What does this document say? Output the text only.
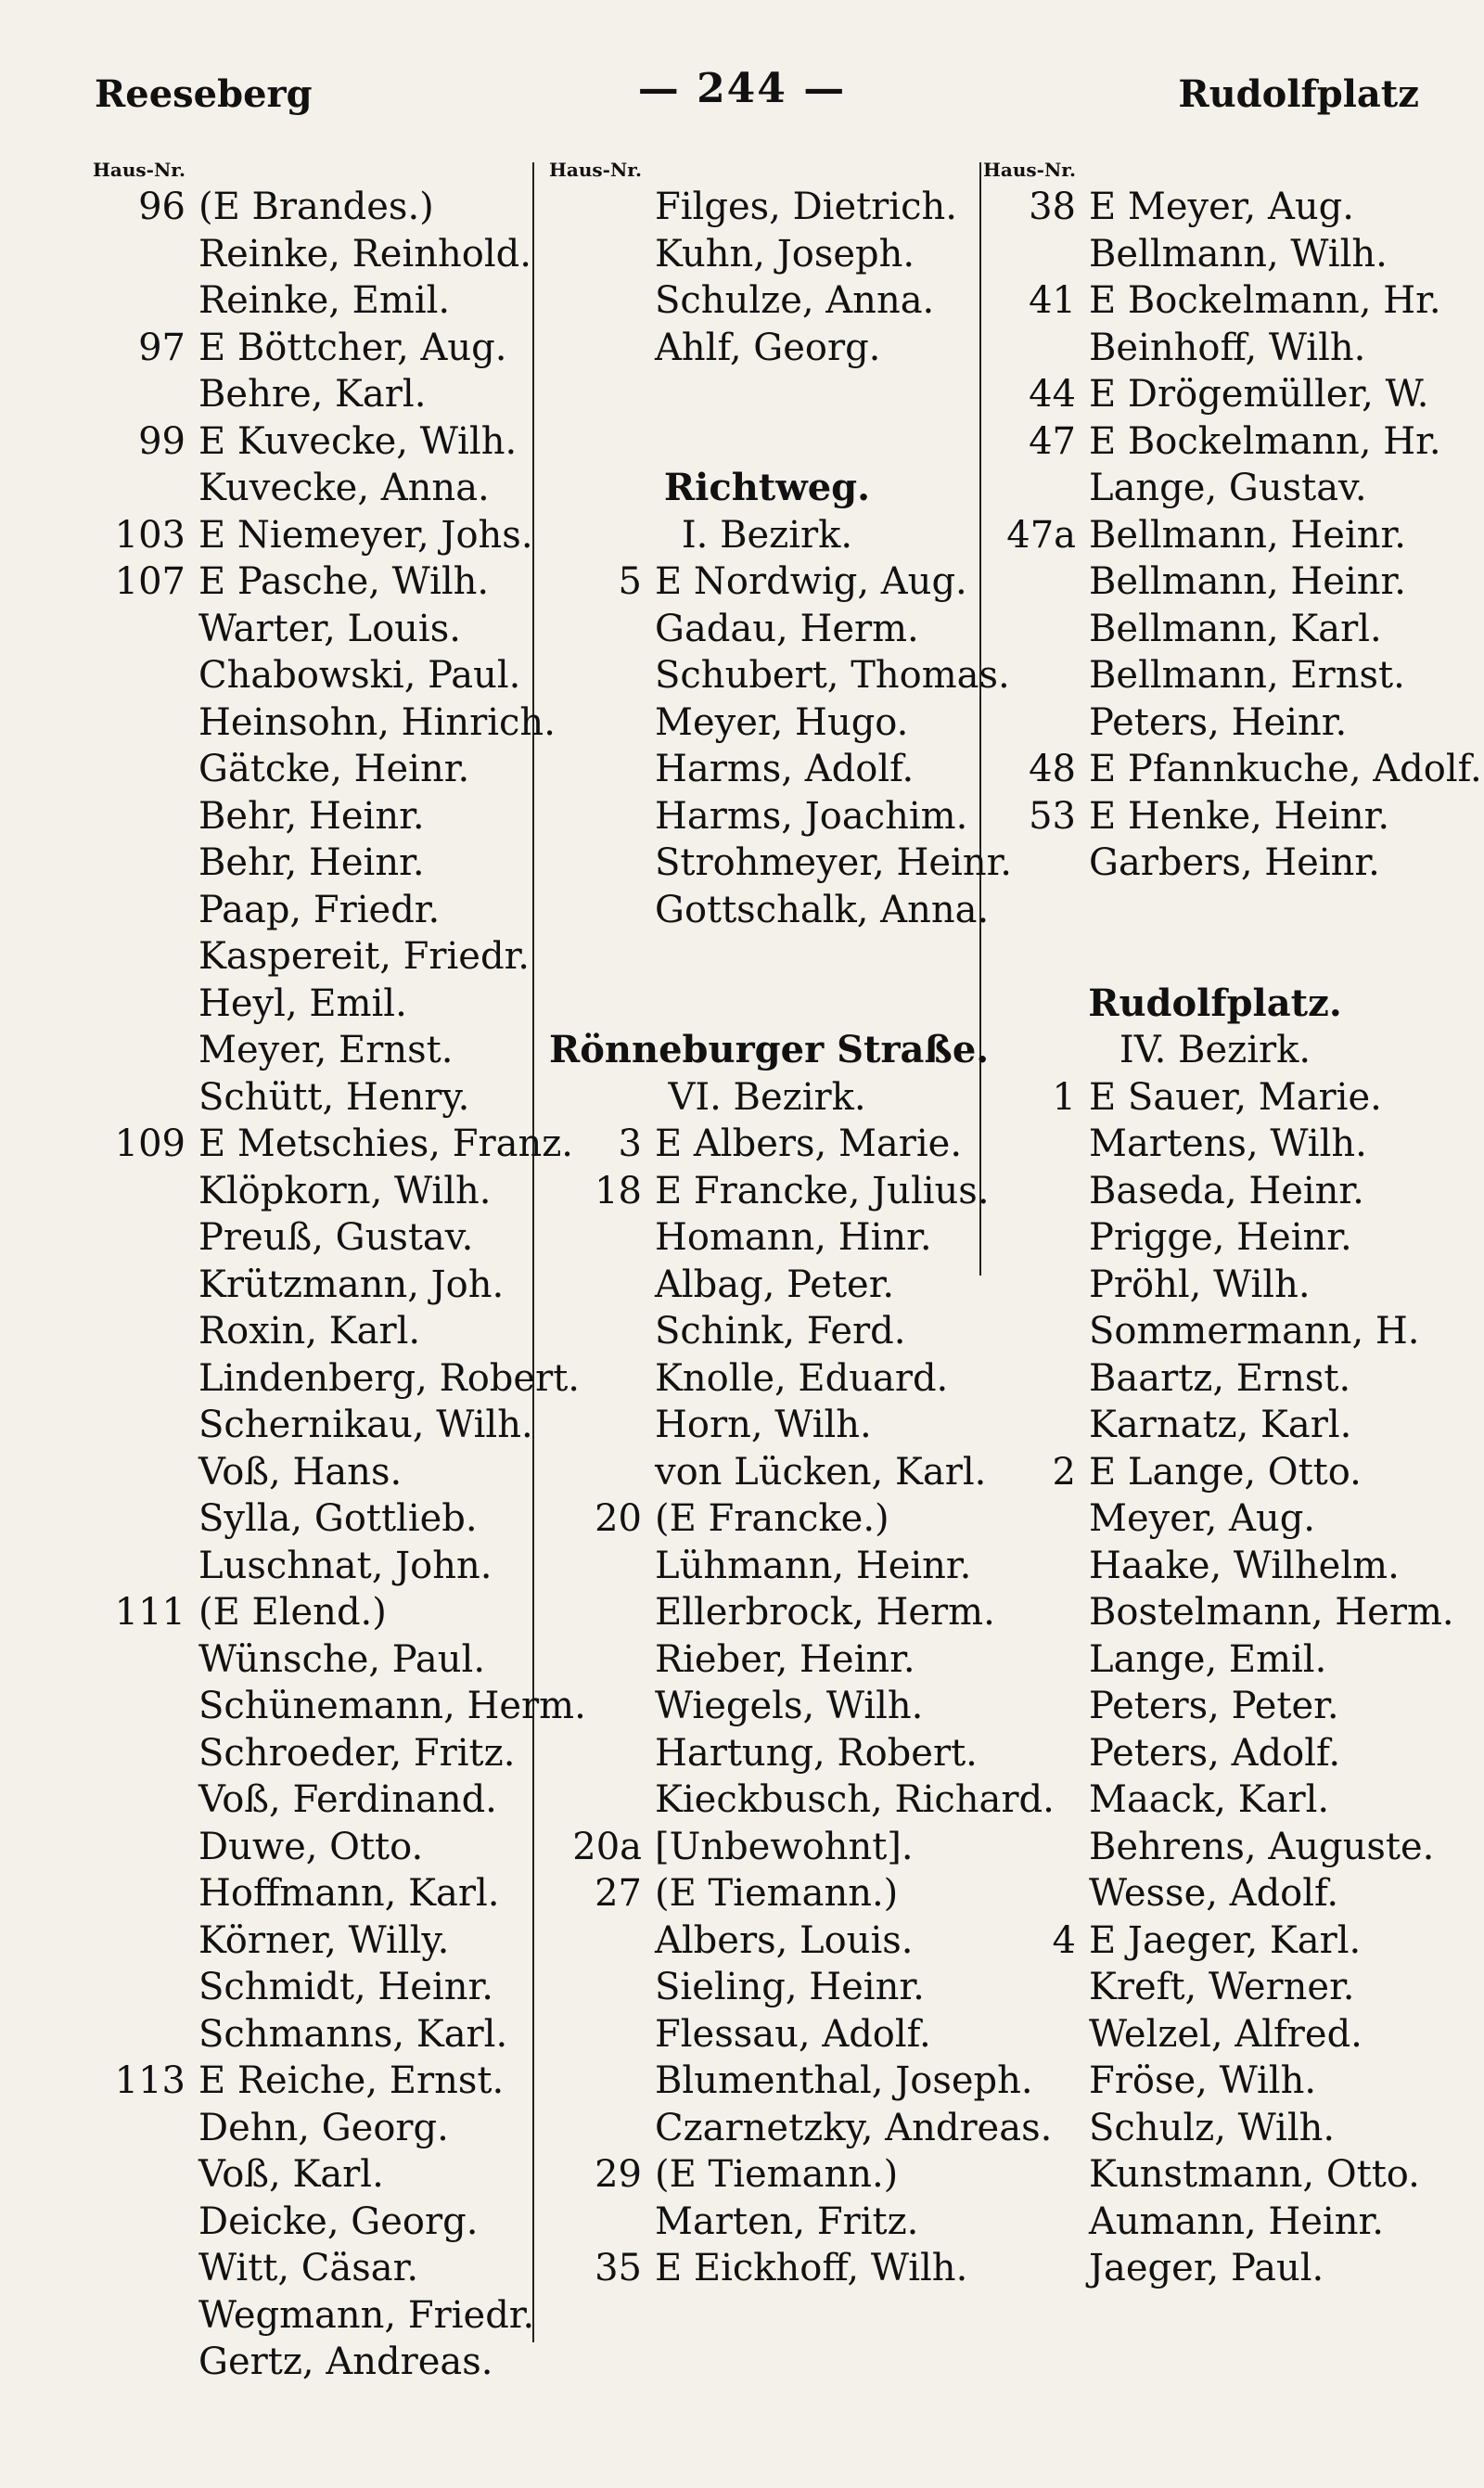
— 244 —
Reeseberg	Rudolfplatz
Haus-Nr.
96 (E Brandes.)
Reinke, Reinhold.
Reinke, Emil.
97 E Böttcher, Aug.
Behre, Karl.
99 E Kuvecke, Wilh.
Kuvecke, Anna.
103 E Niemeyer, Johs.
107 E Pasche, Wilh.
Warter, Louis.
Chabowski, Paul.
Heinsohn, Hinrich.
Gätcke, Heinr.
Behr, Heinr.
Behr, Heinr.
Paap, Friedr.
Kaspereit, Friedr.
Heyl, Emil.
Meyer, Ernst.
Schütt, Henry.
109 E Metschies, Franz.
Klöpkorn, Wilh.
Preuß, Gustav.
Krützmann, Joh.
Roxin, Karl.
Lindenberg, Robert.
Schernikau, Wilh.
Voß, Hans.
Sylla, Gottlieb.
Luschnat, John.
111 (E Elend.)
Wünsche, Paul.
Schünemann, Herm.
Schroeder, Fritz.
Voß, Ferdinand.
Duwe, Otto.
Hoffmann, Karl.
Körner, Willy.
Schmidt, Heinr.
Schmanns, Karl.
113 E Reiche, Ernst.
Dehn, Georg.
Voß, Karl.
Deicke, Georg.
Witt, Cäsar.
Wegmann, Friedr.
Gertz, Andreas.
Haus-Nr.
Filges, Dietrich.
Kuhn, Joseph.
Schulze, Anna.
Ahlf, Georg.
Richtweg.
I. Bezirk.
5 E Nordwig, Aug.
Gadau, Herm.
Schubert, Thomas.
Meyer, Hugo.
Harms, Adolf.
Harms, Joachim.
Strohmeyer, Heinr.
Gottschalk, Anna.
Rönneburger Straße.
VI. Bezirk.
3 E Albers, Marie.
18 E Francke, Julius.
Homann, Hinr.
Albag, Peter.
Schink, Ferd.
Knolle, Eduard.
Horn, Wilh.
von Lücken, Karl.
20 (E Francke.)
Lühmann, Heinr.
Ellerbrock, Herm.
Rieber, Heinr.
Wiegels, Wilh.
Hartung, Robert.
Kieckbusch, Richard.
20a [Unbewohnt].
27 (E Tiemann.)
Albers, Louis.
Sieling, Heinr.
Flessau, Adolf.
Blumenthal, Joseph.
Czarnetzky, Andreas.
29 (E Tiemann.)
Marten, Fritz.
35 E Eickhoff, Wilh.
Haus-Nr.
38 E Meyer, Aug.
Bellmann, Wilh.
41 E Bockelmann, Hr.
Beinhoff, Wilh.
44 E Drögemüller, W.
47 E Bockelmann, Hr.
Lange, Gustav.
47a Bellmann, Heinr.
Bellmann, Heinr.
Bellmann, Karl.
Bellmann, Ernst.
Peters, Heinr.
48 E Pfannkuche, Adolf.
53 E Henke, Heinr.
Garbers, Heinr.
Rudolfplatz.
IV. Bezirk.
1 E Sauer, Marie.
Martens, Wilh.
Baseda, Heinr.
Prigge, Heinr.
Pröhl, Wilh.
Sommermann, H.
Baartz, Ernst.
Karnatz, Karl.
2 E Lange, Otto.
Meyer, Aug.
Haake, Wilhelm.
Bostelmann, Herm.
Lange, Emil.
Peters, Peter.
Peters, Adolf.
Maack, Karl.
Behrens, Auguste.
Wesse, Adolf.
4 E Jaeger, Karl.
Kreft, Werner.
Welzel, Alfred.
Fröse, Wilh.
Schulz, Wilh.
Kunstmann, Otto.
Aumann, Heinr.
Jaeger, Paul.
